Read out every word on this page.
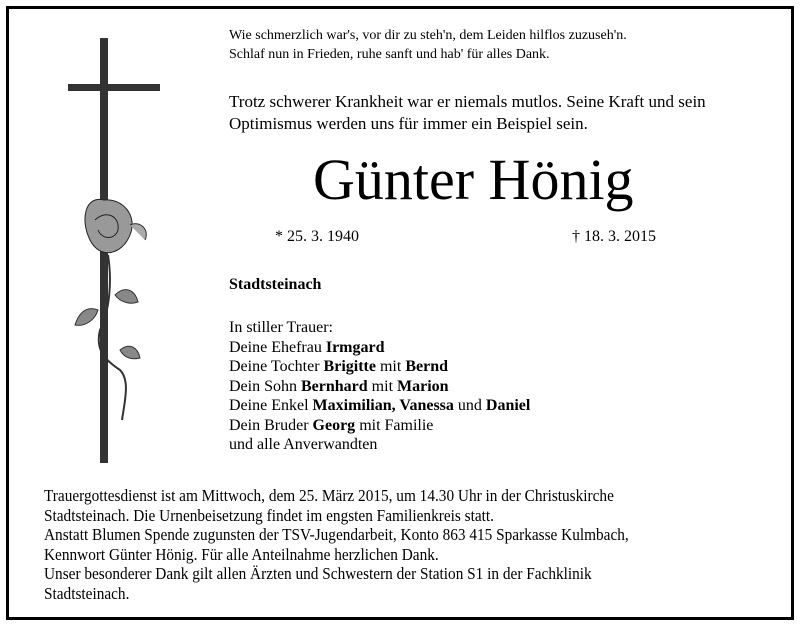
Wie schmerzlich war's, vor dir zu steh'n, dem Leiden hilflos zuzuseh'n.
Schlaf nun in Frieden, ruhe sanft und hab' für alles Dank.
Trotz schwerer Krankheit war er niemals mutlos. Seine Kraft und sein
Optimismus werden uns für immer ein Beispiel sein.
Günter Hönig
* 25. 3. 1940	† 18. 3. 2015
Stadtsteinach
In stiller Trauer:
Deine Ehefrau Irmgard
Deine Tochter Brigitte mit Bernd
Dein Sohn Bernhard mit Marion
Deine Enkel Maximilian, Vanessa und Daniel
Dein Bruder Georg mit Familie
und alle Anverwandten
Trauergottesdienst ist am Mittwoch, dem 25. März 2015, um 14.30 Uhr in der Christuskirche
Stadtsteinach. Die Urnenbeisetzung findet im engsten Familienkreis statt.
Anstatt Blumen Spende zugunsten der TSV-Jugendarbeit, Konto 863 415 Sparkasse Kulmbach,
Kennwort Günter Hönig. Für alle Anteilnahme herzlichen Dank.
Unser besonderer Dank gilt allen Ärzten und Schwestern der Station S1 in der Fachklinik
Stadtsteinach.
